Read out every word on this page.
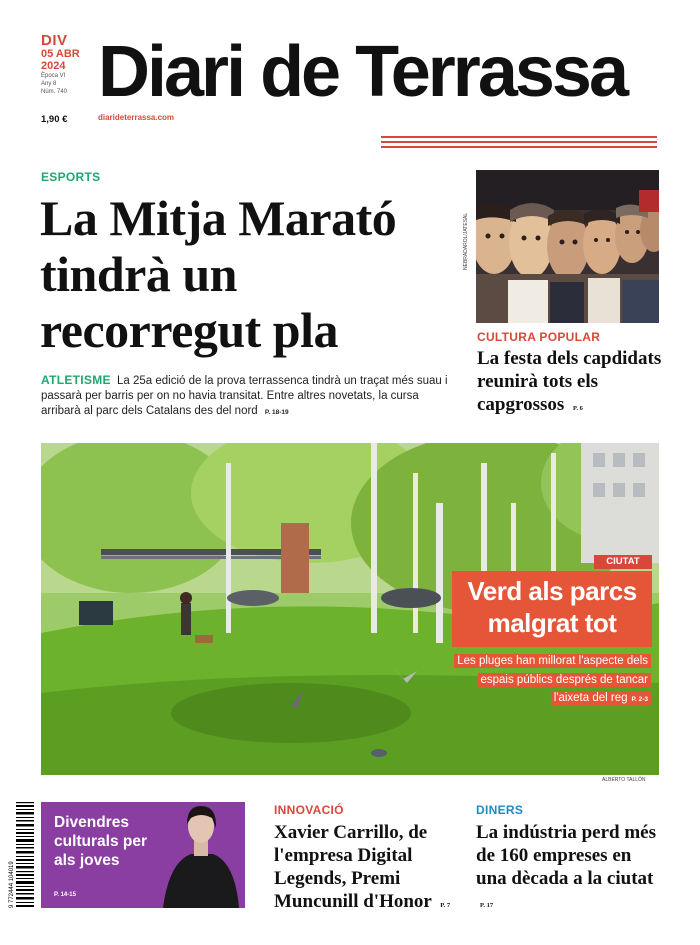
DIV
05 ABR
2024
Època VI
Any 8
Núm. 740
1,90 €
Diari de Terrassa
diarideterrassa.com
ESPORTS
La Mitja Marató tindrà un recorregut pla
ATLETISME La 25a edició de la prova terrassenca tindrà un traçat més suau i passarà per barris per on no havia transitat. Entre altres novetats, la cursa arribarà al parc dels Catalans des del nord P. 18-19
NEBRADAROL/JATESAL
CULTURA POPULAR
La festa dels capdidats reunirà tots els capgrossos P. 6
ALBERTO TALLÓN
CIUTAT
Verd als parcs malgrat tot
Les pluges han millorat l'aspecte dels
espais públics després de tancar
l'aixeta del reg P. 2-3
9 772444 104019
Divendres culturals per als joves
P. 14-15
INNOVACIÓ
Xavier Carrillo, de l'empresa Digital Legends, Premi Muncunill d'Honor P. 7
DINERS
La indústria perd més de 160 empreses en una dècada a la ciutat P. 17
